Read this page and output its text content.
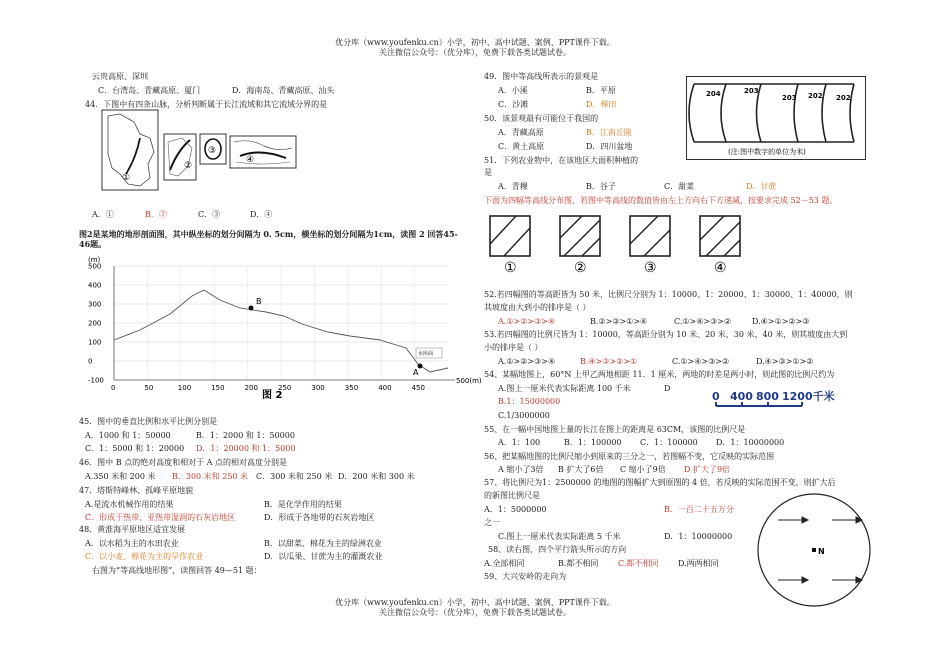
优分库（www.youfenku.cn）小学，初中、高中试题、案例、PPT课件下载。
关注微信公众号：（优分库），免费下载各类试题试卷。
云贵高原、深圳
C．台湾岛、青藏高原、厦门	D．海南岛、青藏高原、汕头
44．下图中有四条山脉，分析判断属于长江流域和其它流域分界的是
①
②
③
④
A．①	B．②	C．③	D．④
图2是某地的地形剖面图，其中纵坐标的划分间隔为 0. 5cm，横坐标的划分间隔为1cm，读图 2 回答45-46题。
(m)
500
400
300
200
100
0
-100
0	50	100	150	200	250	300	350	400	450
水库面
B
A
500(m)
图 2
45．图中的垂直比例和水平比例分别是
A．1000 和 1：50000	B．1：2000 和 1：50000
C．1：5000 和 1：20000 D．1：20000 和 1：5000
46．图中 B 点的绝对高度和相对于 A 点的相对高度分别是
A.350 米和 200 米 B．300 米和 250 米 C．300 米和 250 米 D．200 米和 300 米
47．塔斯特峰林、孤峰平原地貌
A.是流水机械作用的结果	B．是化学作用的结果
C．形成于热带、亚热带湿润的石灰岩地区	D．形成于各地带的石灰岩地区
48．黄淮海平原地区适宜发展
A．以水稻为主的水田农业	B．以甜菜、棉花为主的绿洲农业
C．以小麦、棉花为主的旱作农业	D．以瓜果、甘蔗为主的灌溉农业
右图为“等高线地形图”，读图回答 49—51 题：
49．图中等高线所表示的景观是
A．小溪	B．平原
C．沙滩	D．梯田
50．该景观最有可能位于我国的
A．青藏高原	B．江南丘陵
C．黄土高原	D．四川盆地
51．下列农业物中，在该地区大面积种植的
是
A．青稞	B．谷子	C．甜菜	D．甘蔗
204	203
203 202 202
(注:图中数字的单位为米)
下面为四幅等高线分布图，若图中等高线的数值皆由左上方向右下方递减，按要求完成 52－53 题。
①	②	③	④
52.若四幅图的等高距皆为 50 米，比例尺分别为 1：10000、1：20000、1：30000、1：40000，则
其坡度由大到小的排序是（ ）
A.①>②>③>④	B.②>③>①>④	C.①>④>③>②	D.④>①>②>③
53.若四幅图的比例尺皆为 1：10000，等高距分别为 10 米、20 米、30 米、40 米，则其坡度由大到
小的排序是（ ）
A.①>②>③>④	B.④>③>②>①	C.①>④>③>②	D.④>③>①>②
54、某幅地图上，60°N 上甲乙两地相距 11．1 厘米，两地的时差是两小时，则此图的比例尺约为
A.图上一厘米代表实际距离 100 千米	D
B.1：15000000
C.1/3000000
0 400 800 1200千米
55、在一幅中国地图上量的长江在图上的距离是 63CM，该图的比例尺是
A．1：100	B．1：100000 C．1：100000 D．1：10000000
56、把某幅地图的比例尺缩小到原来的三分之一，若图幅不变，它反映的实际范围
A 缩小了3倍 B 扩大了6倍 C 缩小了9倍 D 扩大了9倍
57、将比例尺为1：2500000 的地图的图幅扩大到原图的 4 倍，若反映的实际范围不变，则扩大后
的新图比例尺是
A．1：5000000	B．一百二十五万分
之一
C.图上一厘米代表实际距离 5 千米	D．1：10000000
58、读右图，四个平行箭头所示的方向
A.全部相同	B.都不相同 C.都不相同 D.两两相同
59、大兴安岭的走向为
N
优分库（www.youfenku.cn）小学，初中、高中试题、案例、PPT课件下载。
关注微信公众号：（优分库），免费下载各类试题试卷。
